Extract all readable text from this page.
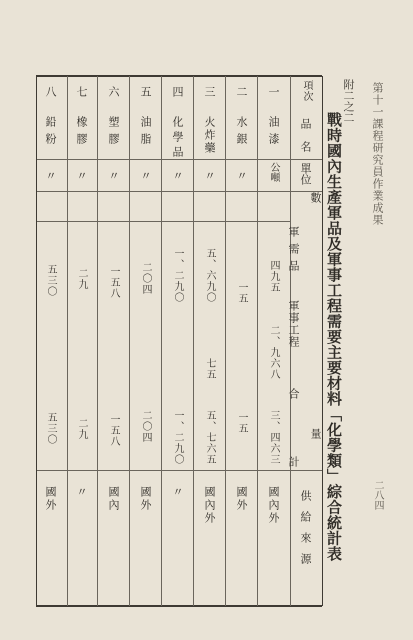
第十一課程研究員作業成果
附二之二
二八四
戰時國內生產軍品及軍事工程需要主要材料「化學類」綜合統計表
項次
品名
單位
數
量
軍需品
軍事工程
合
計
供給來源
一
油漆
公噸
四九五
二、九六八
三、四六三
國內外
二
水銀
〃
一五
一五
國外
三
火炸藥
〃
五、六九〇
七五
五、七六五
國內外
四
化學品
〃
一、二九〇
一、二九〇
〃
五
油脂
〃
二〇四
二〇四
國外
六
塑膠
〃
一五八
一五八
國內
七
橡膠
〃
二九
二九
〃
八
鉛粉
〃
五三〇
五三〇
國外
